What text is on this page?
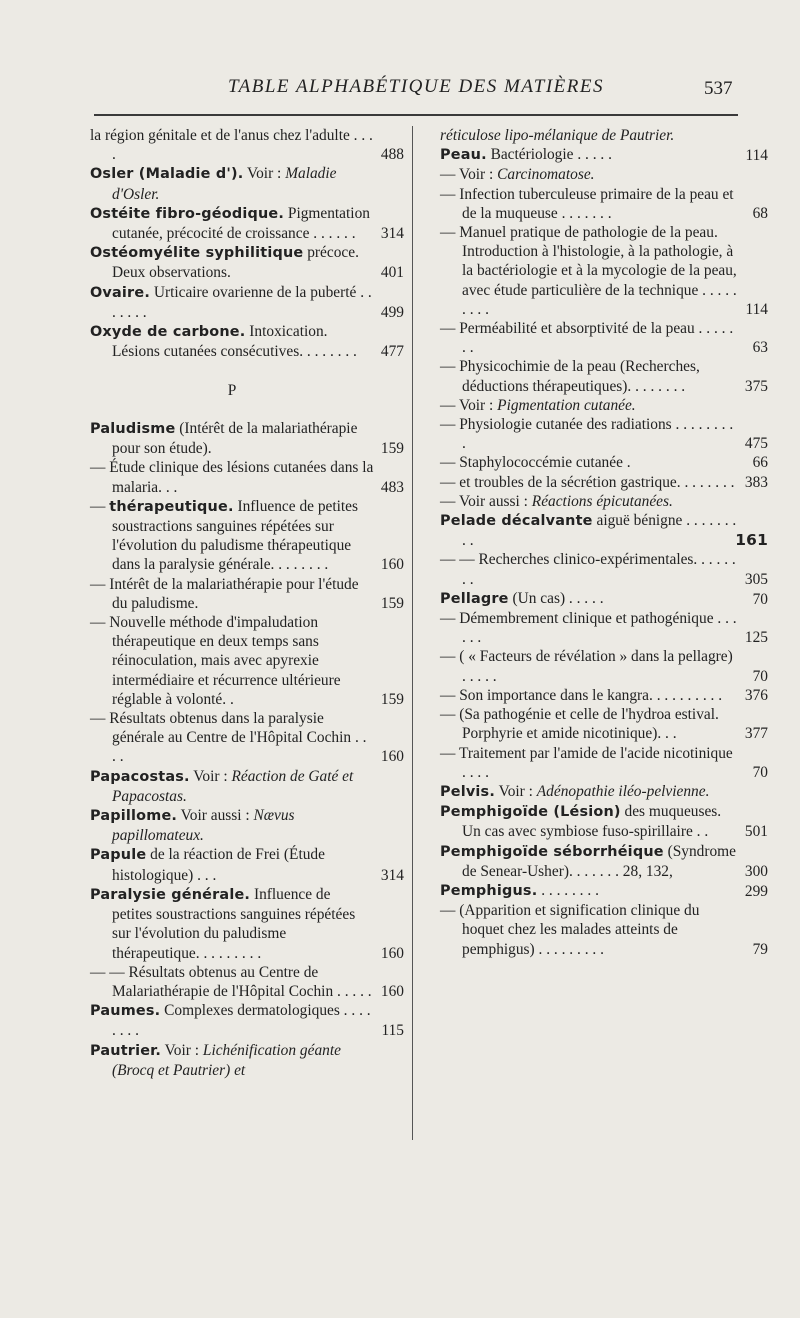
TABLE ALPHABÉTIQUE DES MATIÈRES	537
la région génitale et de l'anus chez l'adulte . . . .	488
Osler (Maladie d'). Voir : Maladie d'Osler.
Ostéite fibro-géodique. Pigmentation cutanée, précocité de croissance . . . . . .	314
Ostéomyélite syphilitique précoce. Deux observations.	401
Ovaire. Urticaire ovarienne de la puberté . . . . . . .	499
Oxyde de carbone. Intoxication. Lésions cutanées consécutives. . . . . . . .	477
P
Paludisme (Intérêt de la malariathérapie pour son étude).	159
— Étude clinique des lésions cutanées dans la malaria. . .	483
— thérapeutique. Influence de petites soustractions sanguines répétées sur l'évolution du paludisme thérapeutique dans la paralysie générale. . . . . . . .	160
— Intérêt de la malariathérapie pour l'étude du paludisme.	159
— Nouvelle méthode d'impaludation thérapeutique en deux temps sans réinoculation, mais avec apyrexie intermédiaire et récurrence ultérieure réglable à volonté. .	159
— Résultats obtenus dans la paralysie générale au Centre de l'Hôpital Cochin . . . .	160
Papacostas. Voir : Réaction de Gaté et Papacostas.
Papillome. Voir aussi : Nævus papillomateux.
Papule de la réaction de Frei (Étude histologique) . . .	314
Paralysie générale. Influence de petites soustractions sanguines répétées sur l'évolution du paludisme thérapeutique. . . . . . . . .	160
— — Résultats obtenus au Centre de Malariathérapie de l'Hôpital Cochin . . . . . 160
Paumes. Complexes dermatologiques . . . . . . . .	115
Pautrier. Voir : Lichénification géante (Brocq et Pautrier) et
réticulose lipo-mélanique de Pautrier.
Peau. Bactériologie . . . . .	114
— Voir : Carcinomatose.
— Infection tuberculeuse primaire de la peau et de la muqueuse . . . . . . .	68
— Manuel pratique de pathologie de la peau. Introduction à l'histologie, à la pathologie, à la bactériologie et à la mycologie de la peau, avec étude particulière de la technique . . . . . . . . .	114
— Perméabilité et absorptivité de la peau . . . . . . .	63
— Physicochimie de la peau (Recherches, déductions thérapeutiques). . . . . . . .	375
— Voir : Pigmentation cutanée.
— Physiologie cutanée des radiations . . . . . . . . .	475
— Staphylococcémie cutanée .	66
— et troubles de la sécrétion gastrique. . . . . . . . 383
— Voir aussi : Réactions épicutanées.
Pelade décalvante aiguë bénigne . . . . . . . . .	161
— — Recherches clinico-expérimentales. . . . . . . .	305
Pellagre (Un cas) . . . . .	70
— Démembrement clinique et pathogénique . . . . . .	125
— ( « Facteurs de révélation » dans la pellagre) . . . . .	70
— Son importance dans le kangra. . . . . . . . . .	376
— (Sa pathogénie et celle de l'hydroa estival. Porphyrie et amide nicotinique). . .	377
— Traitement par l'amide de l'acide nicotinique . . . .	70
Pelvis. Voir : Adénopathie iléo-pelvienne.
Pemphigoïde (Lésion) des muqueuses. Un cas avec symbiose fuso-spirillaire . .	501
Pemphigoïde séborrhéique (Syndrome de Senear-Usher). . . . . . . 28, 132,	300
Pemphigus. . . . . . . . .	299
— (Apparition et signification clinique du hoquet chez les malades atteints de pemphigus) . . . . . . . . .	79
